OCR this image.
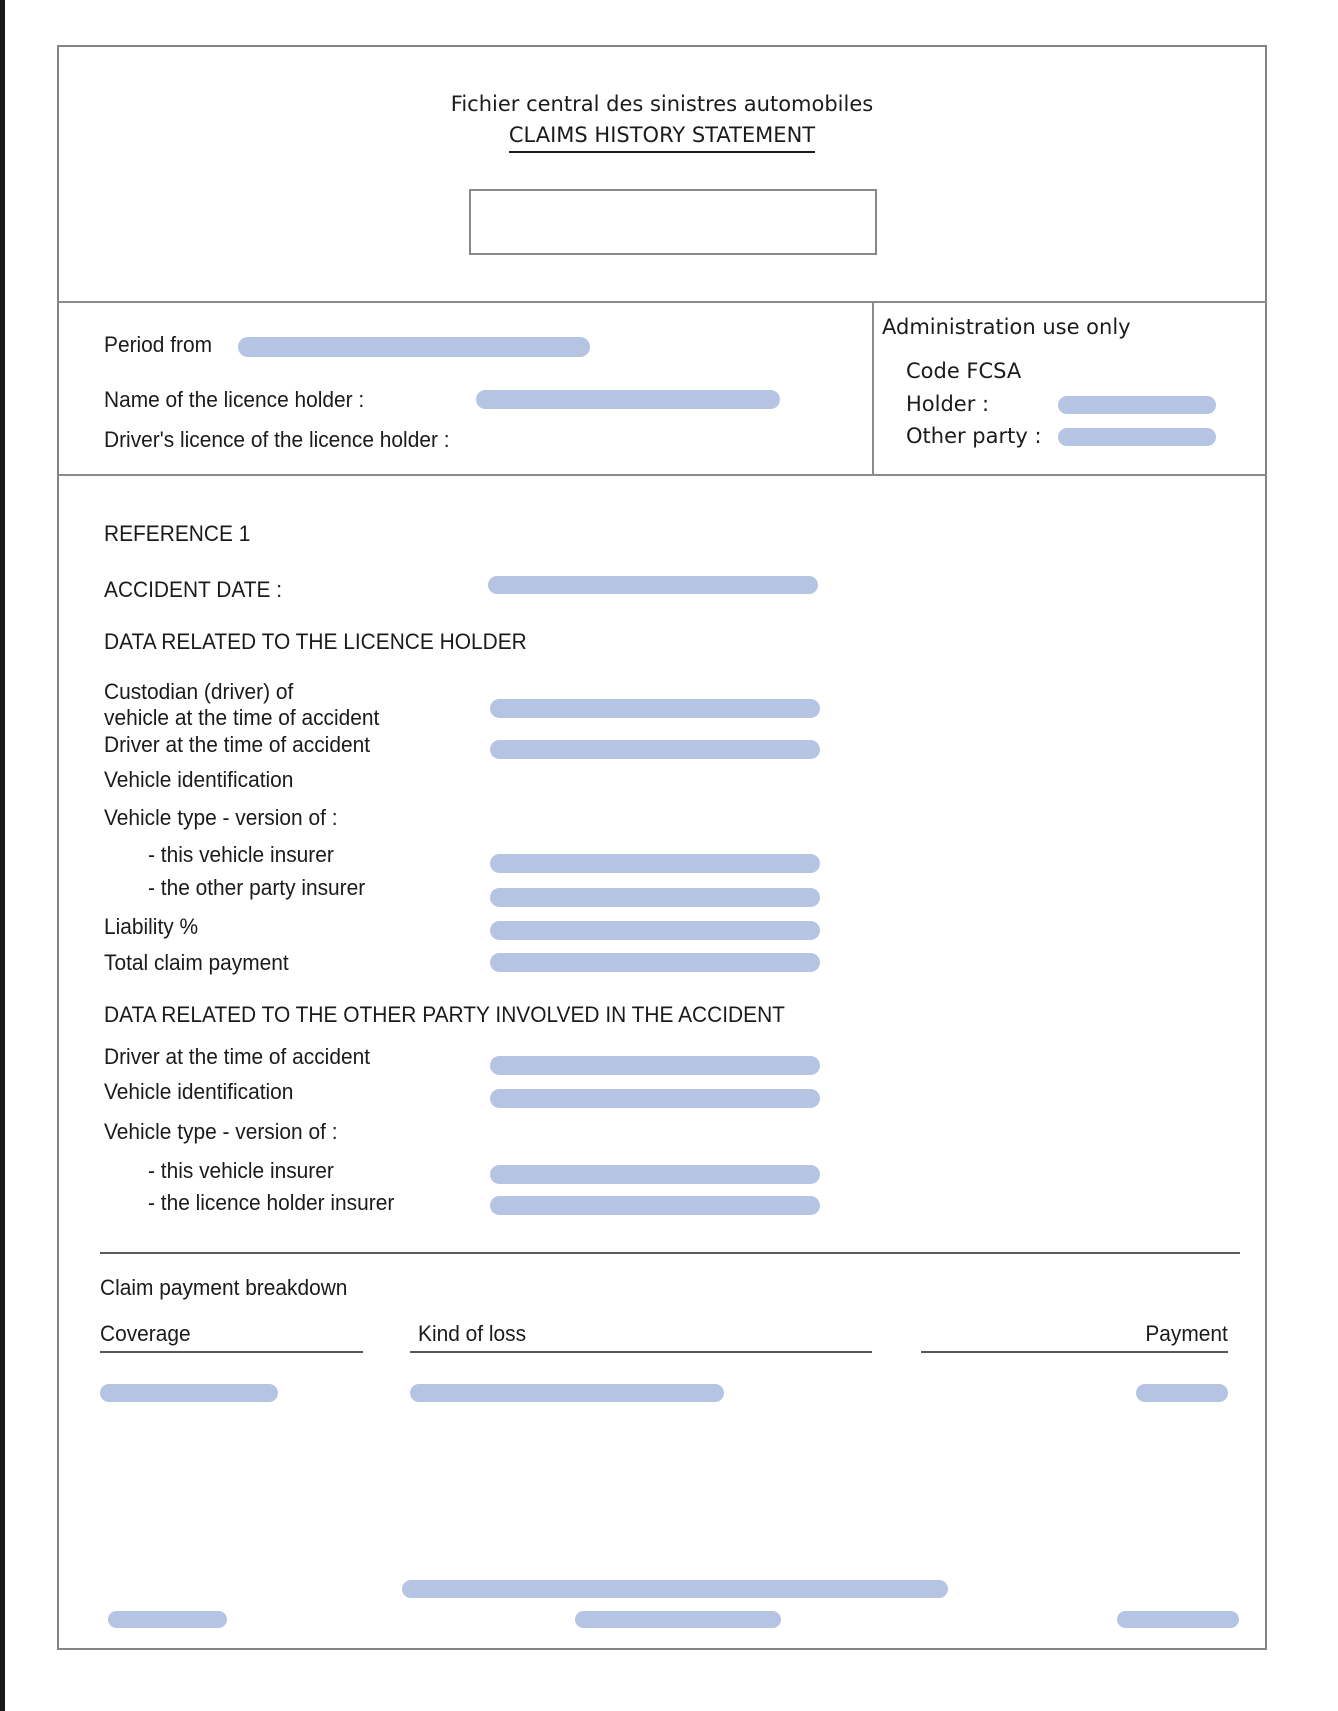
Fichier central des sinistres automobiles
CLAIMS HISTORY STATEMENT
Period from
Name of the licence holder :
Driver's licence of the licence holder :
Administration use only
Code FCSA
Holder :
Other party :
REFERENCE 1
ACCIDENT DATE :
DATA RELATED TO THE LICENCE HOLDER
Custodian (driver) of
vehicle at the time of accident
Driver at the time of accident
Vehicle identification
Vehicle type - version of :
- this vehicle insurer
- the other party insurer
Liability %
Total claim payment
DATA RELATED TO THE OTHER PARTY INVOLVED IN THE ACCIDENT
Driver at the time of accident
Vehicle identification
Vehicle type - version of :
- this vehicle insurer
- the licence holder insurer
Claim payment breakdown
Coverage	Kind of loss	Payment
